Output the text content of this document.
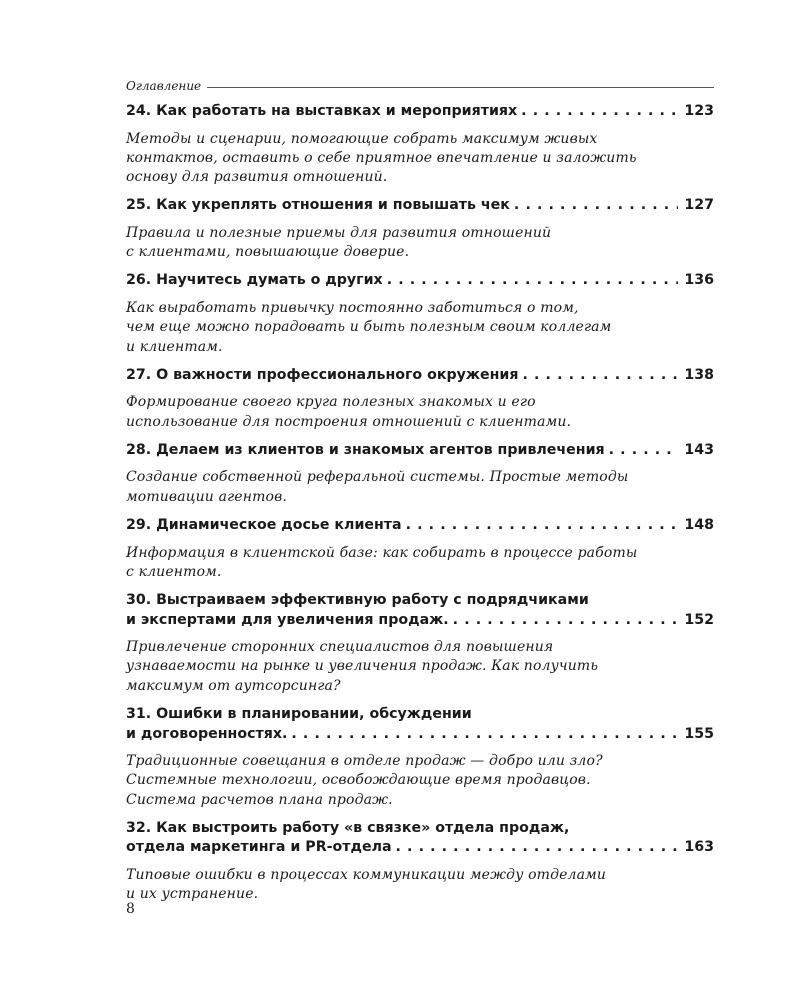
Оглавление
24. Как работать на выставках и мероприятиях . . .	123
Методы и сценарии, помогающие собрать максимум живых
контактов, оставить о себе приятное впечатление и заложить
основу для развития отношений.
25. Как укреплять отношения и повышать чек . . .	127
Правила и полезные приемы для развития отношений
с клиентами, повышающие доверие.
26. Научитесь думать о других . . .	136
Как выработать привычку постоянно заботиться о том,
чем еще можно порадовать и быть полезным своим коллегам
и клиентам.
27. О важности профессионального окружения . . .	138
Формирование своего круга полезных знакомых и его
использование для построения отношений с клиентами.
28. Делаем из клиентов и знакомых агентов привлечения . . .	143
Создание собственной реферальной системы. Простые методы
мотивации агентов.
29. Динамическое досье клиента . . .	148
Информация в клиентской базе: как собирать в процессе работы
с клиентом.
30. Выстраиваем эффективную работу с подрядчиками
и экспертами для увеличения продаж. . . .	152
Привлечение сторонних специалистов для повышения
узнаваемости на рынке и увеличения продаж. Как получить
максимум от аутсорсинга?
31. Ошибки в планировании, обсуждении
и договоренностях. . . .	155
Традиционные совещания в отделе продаж — добро или зло?
Системные технологии, освобождающие время продавцов.
Система расчетов плана продаж.
32. Как выстроить работу «в связке» отдела продаж,
отдела маркетинга и PR-отдела . . .	163
Типовые ошибки в процессах коммуникации между отделами
и их устранение.
8
